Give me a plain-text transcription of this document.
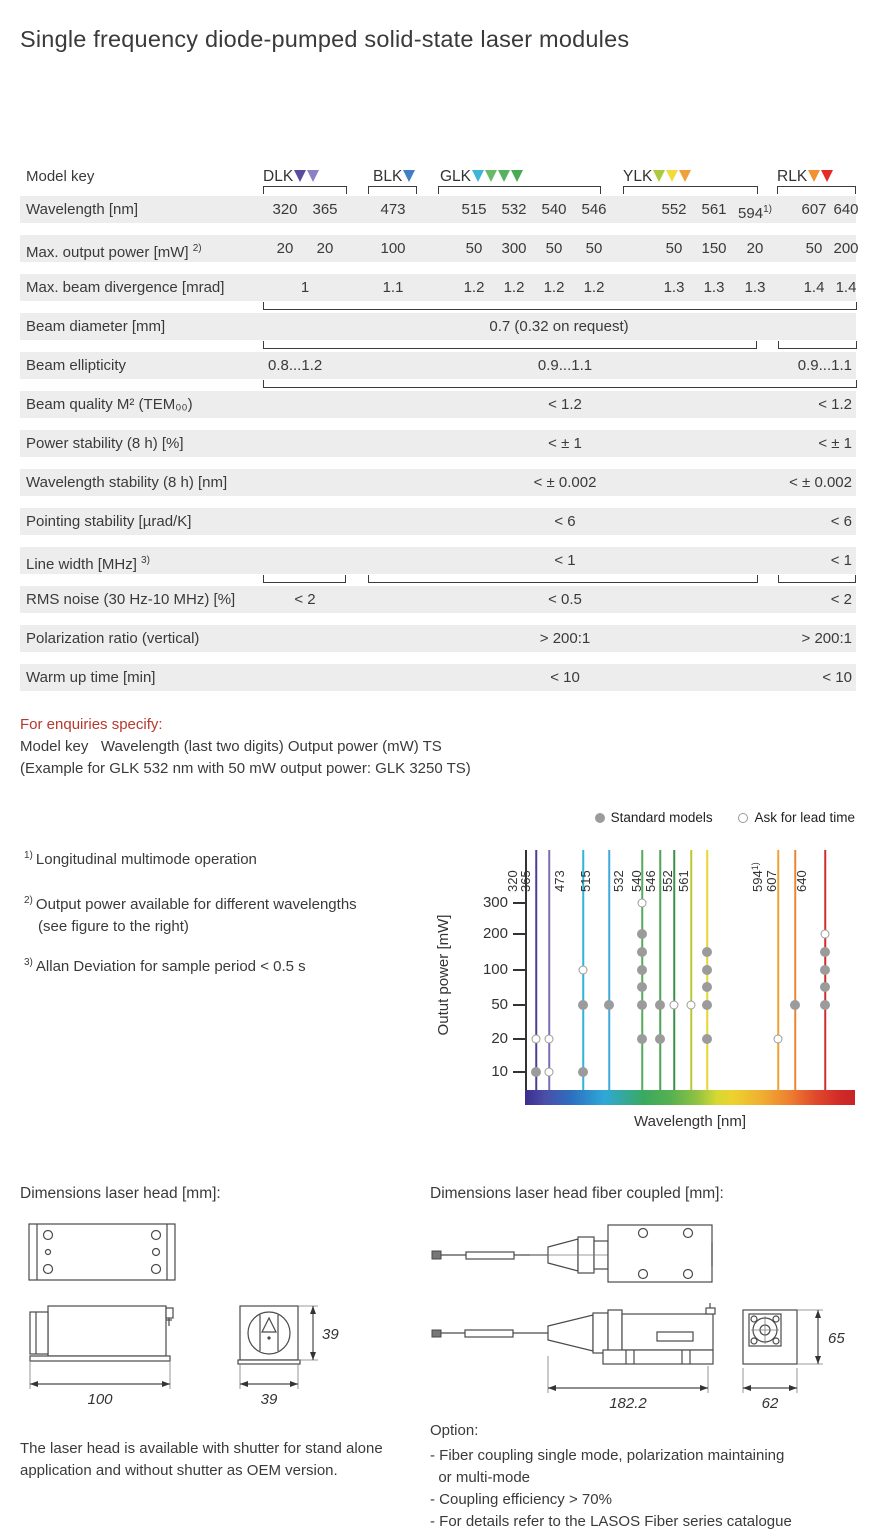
Single frequency diode-pumped solid-state laser modules
Model key	DLK	BLK	GLK	YLK	RLK
Wavelength [nm]	320 365	473	515 532 540 546	552 561 594$^{1)}$	607 640
Max. output power [mW] $^{2)}$	20	20	100	50	300	50	50	50	150	20	50 200
Max. beam divergence [mrad]	1	1.1	1.2	1.2	1.2	1.2	1.3	1.3	1.3	1.4 1.4
Beam diameter [mm]	0.7 (0.32 on request)
Beam ellipticity	0.8...1.2	0.9...1.1	0.9...1.1
Beam quality M² (TEM₀₀)	< 1.2	< 1.2
Power stability (8 h) [%]	< ± 1	< ± 1
Wavelength stability (8 h) [nm]	< ± 0.002	< ± 0.002
Pointing stability [µrad/K]	< 6	< 6
Line width [MHz] $^{3)}$	< 1	< 1
RMS noise (30 Hz-10 MHz) [%]	< 2	< 0.5	< 2
Polarization ratio (vertical)	> 200:1	> 200:1
Warm up time [min]	< 10	< 10
For enquiries specify:
Model key   Wavelength (last two digits) Output power (mW) TS
(Example for GLK 532 nm with 50 mW output power: GLK 3250 TS)
$^{1)}$ Longitudinal multimode operation
$^{2)}$ Output power available for different wavelengths
(see figure to the right)
$^{3)}$ Allan Deviation for sample period < 0.5 s
Standard models	Ask for lead time
Outut power [mW]
300
200
100
50
20
10
320
365 473 515 532 540 546 552 561	594$^{1)}$
607 640
Wavelength [nm]
Dimensions laser head [mm]:	Dimensions laser head fiber coupled [mm]:
100
39
39	182.2
65
62
The laser head is available with shutter for stand alone application and without shutter as OEM version.
Option:
- Fiber coupling single mode, polarization maintaining
or multi-mode
- Coupling efficiency > 70%
- For details refer to the LASOS Fiber series catalogue
